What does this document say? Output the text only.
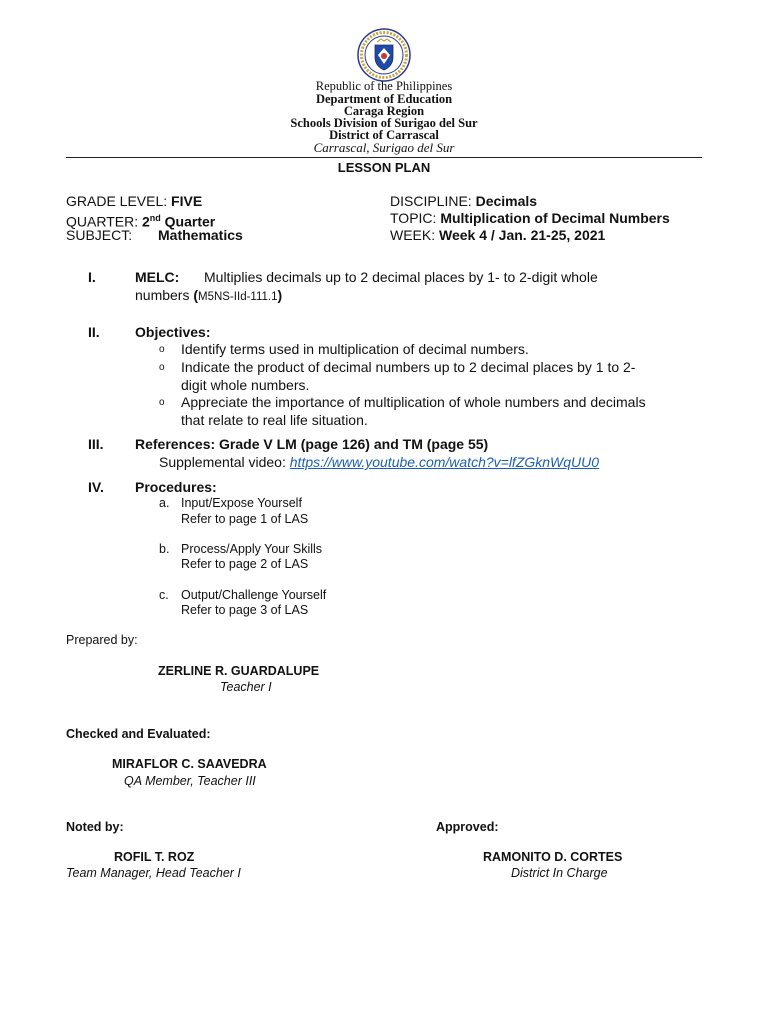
Republic of the Philippines
Department of Education
Caraga Region
Schools Division of Surigao del Sur
District of Carrascal
Carrascal, Surigao del Sur
LESSON PLAN
GRADE LEVEL: FIVE
QUARTER: 2nd Quarter
SUBJECT: Mathematics
DISCIPLINE: Decimals
TOPIC: Multiplication of Decimal Numbers
WEEK: Week 4 / Jan. 21-25, 2021
I.	MELC: Multiplies decimals up to 2 decimal places by 1- to 2-digit whole
numbers (M5NS-IId-111.1)
II.	Objectives:
o Identify terms used in multiplication of decimal numbers.
o Indicate the product of decimal numbers up to 2 decimal places by 1 to 2-
digit whole numbers.
o Appreciate the importance of multiplication of whole numbers and decimals
that relate to real life situation.
III. References: Grade V LM (page 126) and TM (page 55)
Supplemental video: https://www.youtube.com/watch?v=lfZGknWqUU0
IV. Procedures:
a. Input/Expose Yourself
Refer to page 1 of LAS
b. Process/Apply Your Skills
Refer to page 2 of LAS
c. Output/Challenge Yourself
Refer to page 3 of LAS
Prepared by:
ZERLINE R. GUARDALUPE
Teacher I
Checked and Evaluated:
MIRAFLOR C. SAAVEDRA
QA Member, Teacher III
Noted by:
ROFIL T. ROZ
Team Manager, Head Teacher I
Approved:
RAMONITO D. CORTES
District In Charge
